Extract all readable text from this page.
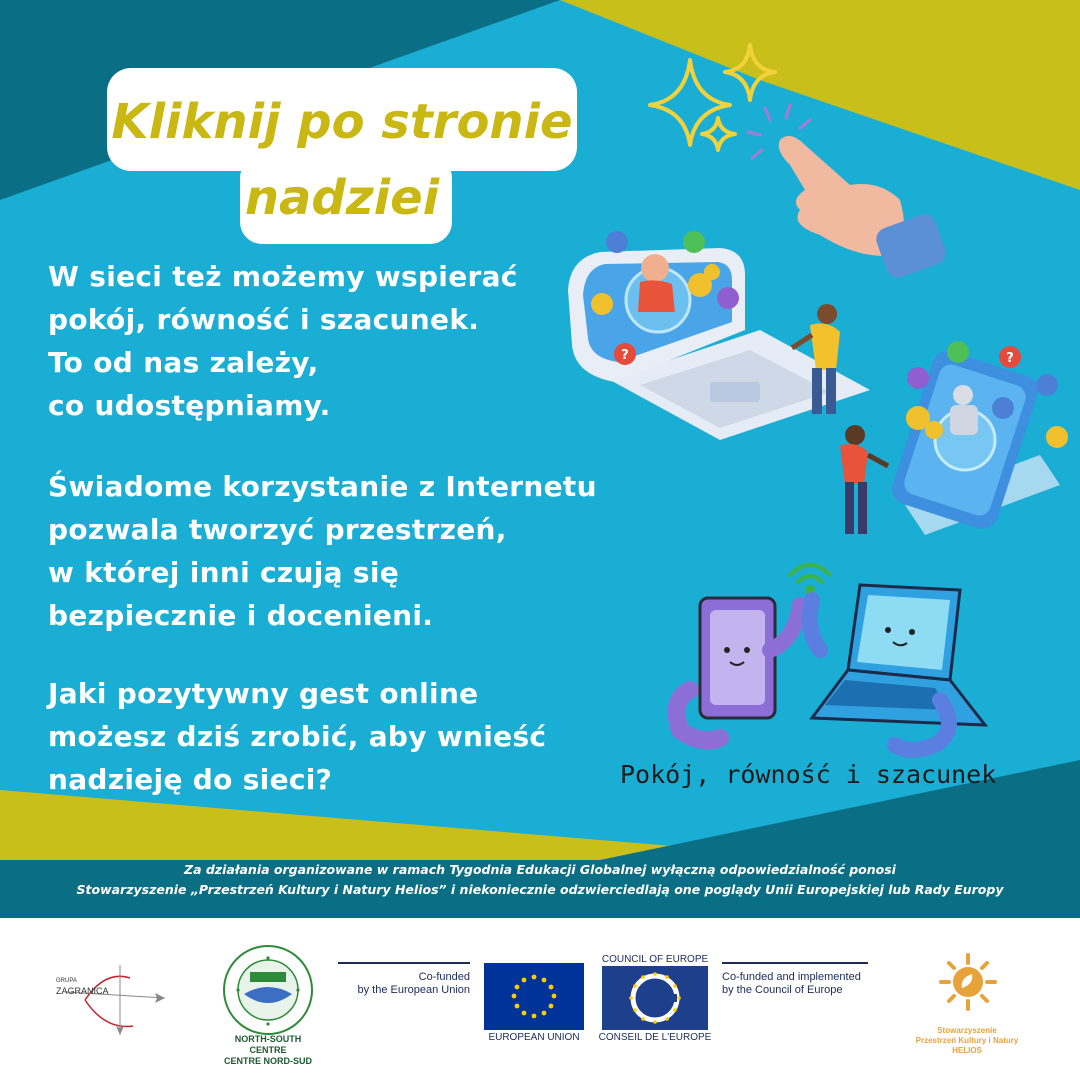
?	?
Kliknij po stronie
nadziei
W sieci też możemy wspierać
pokój, równość i szacunek.
To od nas zależy,
co udostępniamy.
Świadome korzystanie z Internetu
pozwala tworzyć przestrzeń,
w której inni czują się
bezpiecznie i docenieni.
Jaki pozytywny gest online
możesz dziś zrobić, aby wnieść
nadzieję do sieci?	Pokój, równość i szacunek
Za działania organizowane w ramach Tygodnia Edukacji Globalnej wyłączną odpowiedzialność ponosi
Stowarzyszenie „Przestrzeń Kultury i Natury Helios” i niekoniecznie odzwierciedlają one poglądy Unii Europejskiej lub Rady Europy
GRUPA
ZAGRANICA
NORTH-SOUTH CENTRE
CENTRE NORD-SUD
Co-funded
by the European Union
EUROPEAN UNION
COUNCIL OF EUROPE
CONSEIL DE L'EUROPE
Co-funded and implemented
by the Council of Europe
Stowarzyszenie
Przestrzeń Kultury i Natury
HELIOS
